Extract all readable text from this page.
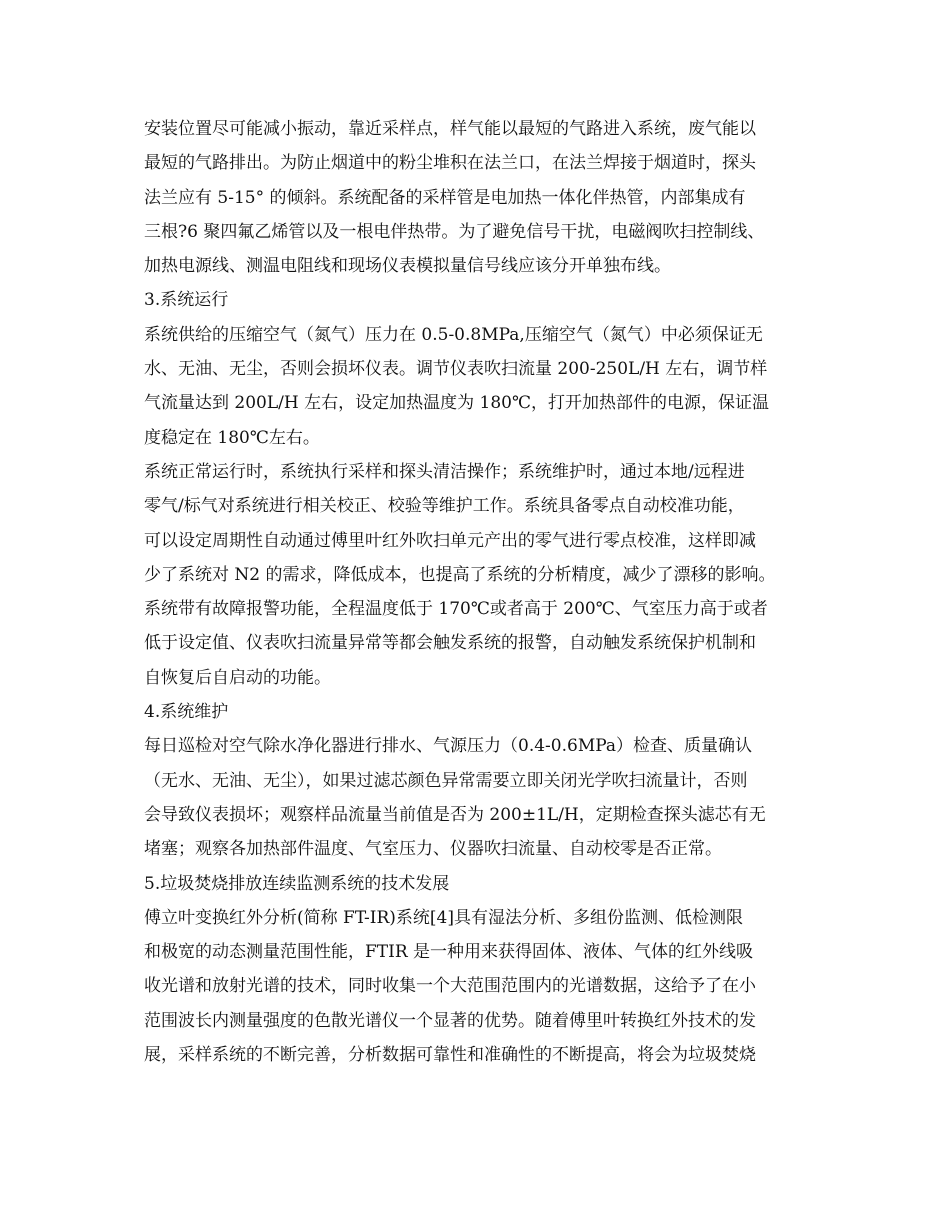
安装位置尽可能减小振动，靠近采样点，样气能以最短的气路进入系统，废气能以
最短的气路排出。为防止烟道中的粉尘堆积在法兰口，在法兰焊接于烟道时，探头
法兰应有 5-15° 的倾斜。系统配备的采样管是电加热一体化伴热管，内部集成有
三根?6 聚四氟乙烯管以及一根电伴热带。为了避免信号干扰，电磁阀吹扫控制线、
加热电源线、测温电阻线和现场仪表模拟量信号线应该分开单独布线。
3.系统运行
系统供给的压缩空气（氮气）压力在 0.5-0.8MPa,压缩空气（氮气）中必须保证无
水、无油、无尘，否则会损坏仪表。调节仪表吹扫流量 200-250L/H 左右，调节样
气流量达到 200L/H 左右，设定加热温度为 180℃，打开加热部件的电源，保证温
度稳定在 180℃左右。
系统正常运行时，系统执行采样和探头清洁操作；系统维护时，通过本地/远程进
零气/标气对系统进行相关校正、校验等维护工作。系统具备零点自动校准功能，
可以设定周期性自动通过傅里叶红外吹扫单元产出的零气进行零点校准，这样即减
少了系统对 N2 的需求，降低成本，也提高了系统的分析精度，减少了漂移的影响。
系统带有故障报警功能，全程温度低于 170℃或者高于 200℃、气室压力高于或者
低于设定值、仪表吹扫流量异常等都会触发系统的报警，自动触发系统保护机制和
自恢复后自启动的功能。
4.系统维护
每日巡检对空气除水净化器进行排水、气源压力（0.4-0.6MPa）检查、质量确认
（无水、无油、无尘），如果过滤芯颜色异常需要立即关闭光学吹扫流量计，否则
会导致仪表损坏；观察样品流量当前值是否为 200±1L/H，定期检查探头滤芯有无
堵塞；观察各加热部件温度、气室压力、仪器吹扫流量、自动校零是否正常。
5.垃圾焚烧排放连续监测系统的技术发展
傅立叶变换红外分析(简称 FT-IR)系统[4]具有湿法分析、多组份监测、低检测限
和极宽的动态测量范围性能，FTIR 是一种用来获得固体、液体、气体的红外线吸
收光谱和放射光谱的技术，同时收集一个大范围范围内的光谱数据，这给予了在小
范围波长内测量强度的色散光谱仪一个显著的优势。随着傅里叶转换红外技术的发
展，采样系统的不断完善，分析数据可靠性和准确性的不断提高，将会为垃圾焚烧
